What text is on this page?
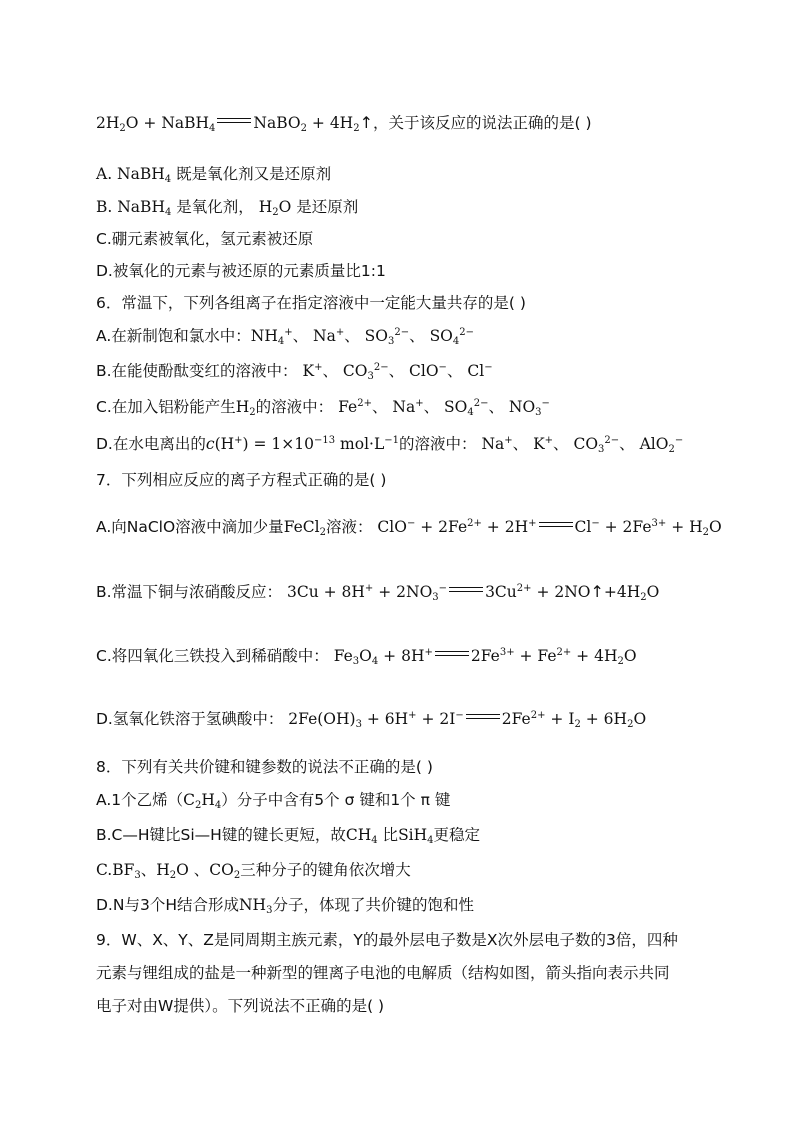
$2H_2O$ + NaBH$_4$ NaBO$_2$ + $4H_2↑$，关于该反应的说法正确的是( )
A. NaBH$_4$ 既是氧化剂又是还原剂
B. NaBH$_4$ 是氧化剂， $H_2O$ 是还原剂
C.硼元素被氧化，氢元素被还原
D.被氧化的元素与被还原的元素质量比1:1
6．常温下，下列各组离子在指定溶液中一定能大量共存的是( )
A.在新制饱和氯水中：$NH_4^+$、 Na+、 $SO_3^{2-}$、 $SO_4^{2-}$
B.在能使酚酞变红的溶液中： K+、 $CO_3^{2-}$、 ClO−、 Cl−
C.在加入铝粉能产生$H_2$的溶液中： $Fe^{2+}$、 Na+、 $SO_4^{2-}$、 $NO_3^-$
D.在水电离出的$c(H^+) = 1\times 10^{-13}$ $mol\cdot L^{-1}$的溶液中： Na+、 K+、 $CO_3^{2-}$、 AlO$_2$−
7．下列相应反应的离子方程式正确的是( )
A.向NaClO溶液中滴加少量FeCl$_2$溶液： $ClO^- + 2Fe^{2+} + 2H^+$ $Cl^- + 2Fe^{3+} + H_2O$
B.常温下铜与浓硝酸反应： $3Cu + 8H^+ + 2NO_3^-$ $3Cu^{2+}$ + $2NO↑+4H_2O$
C.将四氧化三铁投入到稀硝酸中： $Fe_3O_4 + 8H^+$ $2Fe^{3+} + Fe^{2+} + 4H_2O$
D.氢氧化铁溶于氢碘酸中： $2Fe(OH)_3 + 6H^+ + 2I^-$ $2Fe^{2+} + I_2 + 6H_2O$
8．下列有关共价键和键参数的说法不正确的是( )
A.1个乙烯$(C_2H_4)$分子中含有5个 σ 键和1个 π 键
B.C—H键比Si—H键的键长更短，故$CH_4$ 比SiH$_4$更稳定
$C.BF_3$、$H_2O$ 、$CO_2$三种分子的键角依次增大
D.N与3个H结合形成$NH_3$分子，体现了共价键的饱和性
9．W、X、Y、Z是同周期主族元素，Y的最外层电子数是X次外层电子数的3倍，四种
元素与锂组成的盐是一种新型的锂离子电池的电解质（结构如图，箭头指向表示共同
电子对由W提供）。下列说法不正确的是( )
